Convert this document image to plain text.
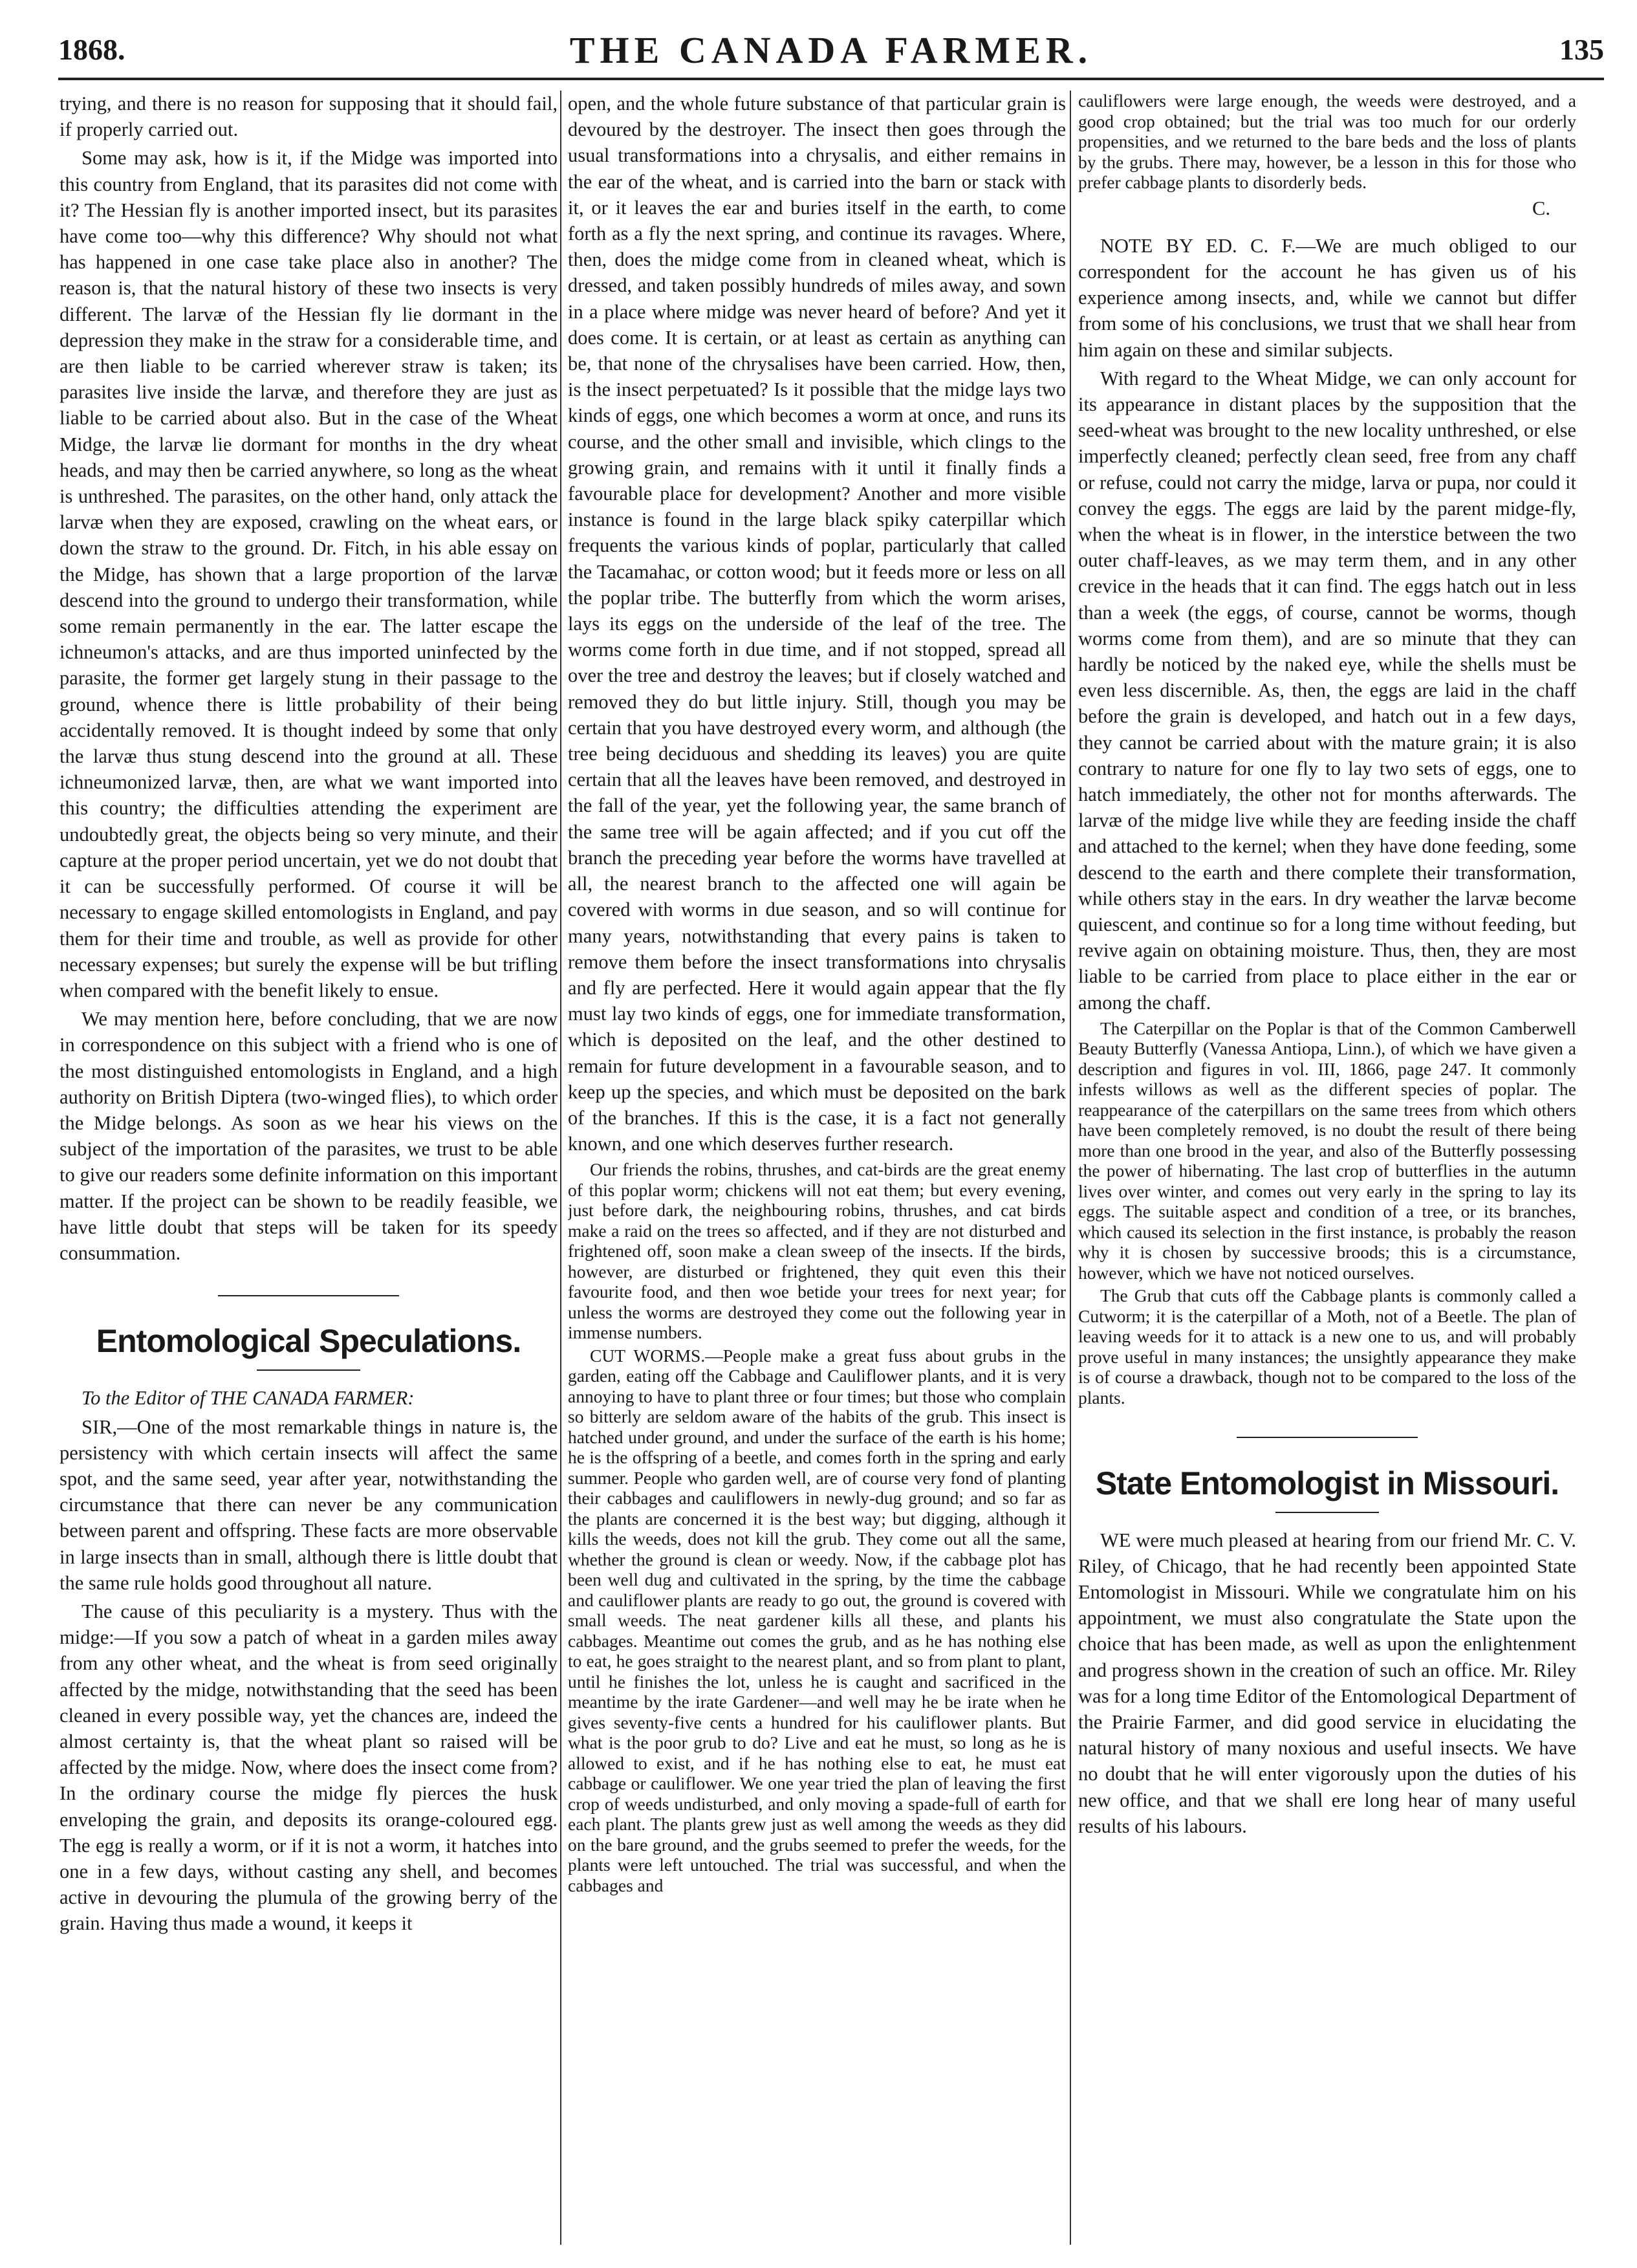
1868.	THE CANADA FARMER.	135

trying, and there is no reason for supposing that it should fail, if properly carried out.

Some may ask, how is it, if the Midge was imported into this country from England, that its parasites did not come with it? The Hessian fly is another imported insect, but its parasites have come too—why this difference? Why should not what has happened in one case take place also in another? The reason is, that the natural history of these two insects is very different. The larvæ of the Hessian fly lie dormant in the depression they make in the straw for a considerable time, and are then liable to be carried wherever straw is taken; its parasites live inside the larvæ, and therefore they are just as liable to be carried about also. But in the case of the Wheat Midge, the larvæ lie dormant for months in the dry wheat heads, and may then be carried anywhere, so long as the wheat is unthreshed. The parasites, on the other hand, only attack the larvæ when they are exposed, crawling on the wheat ears, or down the straw to the ground. Dr. Fitch, in his able essay on the Midge, has shown that a large proportion of the larvæ descend into the ground to undergo their transformation, while some remain permanently in the ear. The latter escape the ichneumon's attacks, and are thus imported uninfected by the parasite, the former get largely stung in their passage to the ground, whence there is little probability of their being accidentally removed. It is thought indeed by some that only the larvæ thus stung descend into the ground at all. These ichneumonized larvæ, then, are what we want imported into this country; the difficulties attending the experiment are undoubtedly great, the objects being so very minute, and their capture at the proper period uncertain, yet we do not doubt that it can be successfully performed. Of course it will be necessary to engage skilled entomologists in England, and pay them for their time and trouble, as well as provide for other necessary expenses; but surely the expense will be but trifling when compared with the benefit likely to ensue.

We may mention here, before concluding, that we are now in correspondence on this subject with a friend who is one of the most distinguished entomologists in England, and a high authority on British Diptera (two-winged flies), to which order the Midge belongs. As soon as we hear his views on the subject of the importation of the parasites, we trust to be able to give our readers some definite information on this important matter. If the project can be shown to be readily feasible, we have little doubt that steps will be taken for its speedy consummation.

Entomological Speculations.

To the Editor of THE CANADA FARMER:

SIR,—One of the most remarkable things in nature is, the persistency with which certain insects will affect the same spot, and the same seed, year after year, notwithstanding the circumstance that there can never be any communication between parent and offspring. These facts are more observable in large insects than in small, although there is little doubt that the same rule holds good throughout all nature.

The cause of this peculiarity is a mystery. Thus with the midge:—If you sow a patch of wheat in a garden miles away from any other wheat, and the wheat is from seed originally affected by the midge, notwithstanding that the seed has been cleaned in every possible way, yet the chances are, indeed the almost certainty is, that the wheat plant so raised will be affected by the midge. Now, where does the insect come from? In the ordinary course the midge fly pierces the husk enveloping the grain, and deposits its orange-coloured egg. The egg is really a worm, or if it is not a worm, it hatches into one in a few days, without casting any shell, and becomes active in devouring the plumula of the growing berry of the grain. Having thus made a wound, it keeps it

open, and the whole future substance of that particular grain is devoured by the destroyer. The insect then goes through the usual transformations into a chrysalis, and either remains in the ear of the wheat, and is carried into the barn or stack with it, or it leaves the ear and buries itself in the earth, to come forth as a fly the next spring, and continue its ravages. Where, then, does the midge come from in cleaned wheat, which is dressed, and taken possibly hundreds of miles away, and sown in a place where midge was never heard of before? And yet it does come. It is certain, or at least as certain as anything can be, that none of the chrysalises have been carried. How, then, is the insect perpetuated? Is it possible that the midge lays two kinds of eggs, one which becomes a worm at once, and runs its course, and the other small and invisible, which clings to the growing grain, and remains with it until it finally finds a favourable place for development? Another and more visible instance is found in the large black spiky caterpillar which frequents the various kinds of poplar, particularly that called the Tacamahac, or cotton wood; but it feeds more or less on all the poplar tribe. The butterfly from which the worm arises, lays its eggs on the underside of the leaf of the tree. The worms come forth in due time, and if not stopped, spread all over the tree and destroy the leaves; but if closely watched and removed they do but little injury. Still, though you may be certain that you have destroyed every worm, and although (the tree being deciduous and shedding its leaves) you are quite certain that all the leaves have been removed, and destroyed in the fall of the year, yet the following year, the same branch of the same tree will be again affected; and if you cut off the branch the preceding year before the worms have travelled at all, the nearest branch to the affected one will again be covered with worms in due season, and so will continue for many years, notwithstanding that every pains is taken to remove them before the insect transformations into chrysalis and fly are perfected. Here it would again appear that the fly must lay two kinds of eggs, one for immediate transformation, which is deposited on the leaf, and the other destined to remain for future development in a favourable season, and to keep up the species, and which must be deposited on the bark of the branches. If this is the case, it is a fact not generally known, and one which deserves further research.

Our friends the robins, thrushes, and cat-birds are the great enemy of this poplar worm; chickens will not eat them; but every evening, just before dark, the neighbouring robins, thrushes, and cat birds make a raid on the trees so affected, and if they are not disturbed and frightened off, soon make a clean sweep of the insects. If the birds, however, are disturbed or frightened, they quit even this their favourite food, and then woe betide your trees for next year; for unless the worms are destroyed they come out the following year in immense numbers.

CUT WORMS.—People make a great fuss about grubs in the garden, eating off the Cabbage and Cauliflower plants, and it is very annoying to have to plant three or four times; but those who complain so bitterly are seldom aware of the habits of the grub. This insect is hatched under ground, and under the surface of the earth is his home; he is the offspring of a beetle, and comes forth in the spring and early summer. People who garden well, are of course very fond of planting their cabbages and cauliflowers in newly-dug ground; and so far as the plants are concerned it is the best way; but digging, although it kills the weeds, does not kill the grub. They come out all the same, whether the ground is clean or weedy. Now, if the cabbage plot has been well dug and cultivated in the spring, by the time the cabbage and cauliflower plants are ready to go out, the ground is covered with small weeds. The neat gardener kills all these, and plants his cabbages. Meantime out comes the grub, and as he has nothing else to eat, he goes straight to the nearest plant, and so from plant to plant, until he finishes the lot, unless he is caught and sacrificed in the meantime by the irate Gardener—and well may he be irate when he gives seventy-five cents a hundred for his cauliflower plants. But what is the poor grub to do? Live and eat he must, so long as he is allowed to exist, and if he has nothing else to eat, he must eat cabbage or cauliflower. We one year tried the plan of leaving the first crop of weeds undisturbed, and only moving a spade-full of earth for each plant. The plants grew just as well among the weeds as they did on the bare ground, and the grubs seemed to prefer the weeds, for the plants were left untouched. The trial was successful, and when the cabbages and

cauliflowers were large enough, the weeds were destroyed, and a good crop obtained; but the trial was too much for our orderly propensities, and we returned to the bare beds and the loss of plants by the grubs. There may, however, be a lesson in this for those who prefer cabbage plants to disorderly beds.

C.

NOTE BY ED. C. F.—We are much obliged to our correspondent for the account he has given us of his experience among insects, and, while we cannot but differ from some of his conclusions, we trust that we shall hear from him again on these and similar subjects.

With regard to the Wheat Midge, we can only account for its appearance in distant places by the supposition that the seed-wheat was brought to the new locality unthreshed, or else imperfectly cleaned; perfectly clean seed, free from any chaff or refuse, could not carry the midge, larva or pupa, nor could it convey the eggs. The eggs are laid by the parent midge-fly, when the wheat is in flower, in the interstice between the two outer chaff-leaves, as we may term them, and in any other crevice in the heads that it can find. The eggs hatch out in less than a week (the eggs, of course, cannot be worms, though worms come from them), and are so minute that they can hardly be noticed by the naked eye, while the shells must be even less discernible. As, then, the eggs are laid in the chaff before the grain is developed, and hatch out in a few days, they cannot be carried about with the mature grain; it is also contrary to nature for one fly to lay two sets of eggs, one to hatch immediately, the other not for months afterwards. The larvæ of the midge live while they are feeding inside the chaff and attached to the kernel; when they have done feeding, some descend to the earth and there complete their transformation, while others stay in the ears. In dry weather the larvæ become quiescent, and continue so for a long time without feeding, but revive again on obtaining moisture. Thus, then, they are most liable to be carried from place to place either in the ear or among the chaff.

The Caterpillar on the Poplar is that of the Common Camberwell Beauty Butterfly (Vanessa Antiopa, Linn.), of which we have given a description and figures in vol. III, 1866, page 247. It commonly infests willows as well as the different species of poplar. The reappearance of the caterpillars on the same trees from which others have been completely removed, is no doubt the result of there being more than one brood in the year, and also of the Butterfly possessing the power of hibernating. The last crop of butterflies in the autumn lives over winter, and comes out very early in the spring to lay its eggs. The suitable aspect and condition of a tree, or its branches, which caused its selection in the first instance, is probably the reason why it is chosen by successive broods; this is a circumstance, however, which we have not noticed ourselves.

The Grub that cuts off the Cabbage plants is commonly called a Cutworm; it is the caterpillar of a Moth, not of a Beetle. The plan of leaving weeds for it to attack is a new one to us, and will probably prove useful in many instances; the unsightly appearance they make is of course a drawback, though not to be compared to the loss of the plants.

State Entomologist in Missouri.

WE were much pleased at hearing from our friend Mr. C. V. Riley, of Chicago, that he had recently been appointed State Entomologist in Missouri. While we congratulate him on his appointment, we must also congratulate the State upon the choice that has been made, as well as upon the enlightenment and progress shown in the creation of such an office. Mr. Riley was for a long time Editor of the Entomological Department of the Prairie Farmer, and did good service in elucidating the natural history of many noxious and useful insects. We have no doubt that he will enter vigorously upon the duties of his new office, and that we shall ere long hear of many useful results of his labours.
